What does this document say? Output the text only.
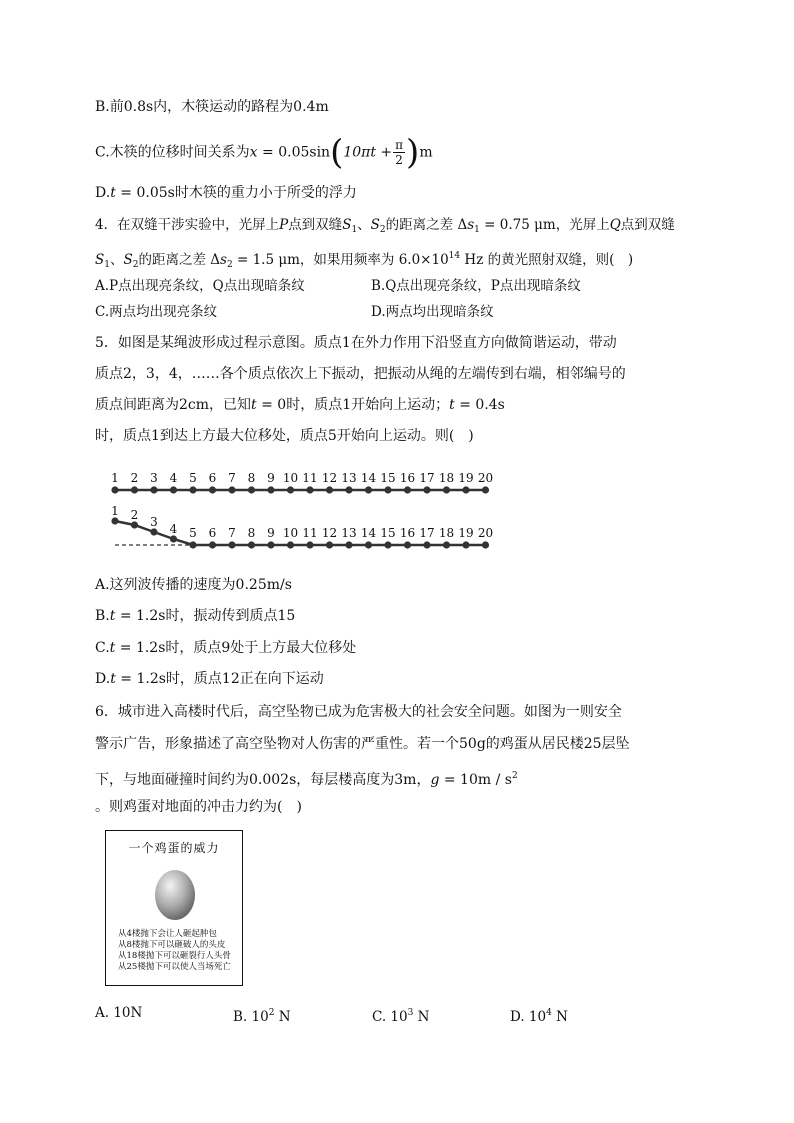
B.前0.8s内，木筷运动的路程为0.4m
C.木筷的位移时间关系为$x = 0.05\sin(10\pi t + \frac{\pi}{2} )m$
D.t = 0.05s时木筷的重力小于所受的浮力
4．在双缝干涉实验中，光屏上P点到双缝$S_1$、$S_2$的距离之差 $\Delta s_1 = 0.75$ μm，光屏上Q点到双缝
$S_1$、$S_2$的距离之差 $\Delta s_2 = 1.5$ μm，如果用频率为 $6.0\times 10^{14}$ Hz 的黄光照射双缝，则(　)
A.P点出现亮条纹，Q点出现暗条纹	B.Q点出现亮条纹，P点出现暗条纹
C.两点均出现亮条纹	D.两点均出现暗条纹
5．如图是某绳波形成过程示意图。质点1在外力作用下沿竖直方向做简谐运动，带动
质点2，3，4，……各个质点依次上下振动，把振动从绳的左端传到右端，相邻编号的
质点间距离为2cm，已知t = 0时，质点1开始向上运动；t = 0.4s
时，质点1到达上方最大位移处，质点5开始向上运动。则(　)
1 2 3 4 5 6 7 8 9 10 11 12 13 14 15 16 17 18 19 20
1 2 3 4 5 6 7 8 9 10 11 12 13 14 15 16 17 18 19 20
A.这列波传播的速度为0.25m/s
B.t = 1.2s时，振动传到质点15
C.t = 1.2s时，质点9处于上方最大位移处
D.t = 1.2s时，质点12正在向下运动
6．城市进入高楼时代后，高空坠物已成为危害极大的社会安全问题。如图为一则安全
警示广告，形象描述了高空坠物对人伤害的严重性。若一个50g的鸡蛋从居民楼25层坠
下，与地面碰撞时间约为0.002s，每层楼高度为3m，$g = 10m / s^2$
。则鸡蛋对地面的冲击力约为(　)
一个鸡蛋的威力
从4楼抛下会让人砸起肿包
从8楼抛下可以砸破人的头皮
从18楼抛下可以砸裂行人头骨
从25楼抛下可以使人当场死亡
A. 10N	B. $10^2$ N	C. $10^3$ N	D. $10^4$ N
